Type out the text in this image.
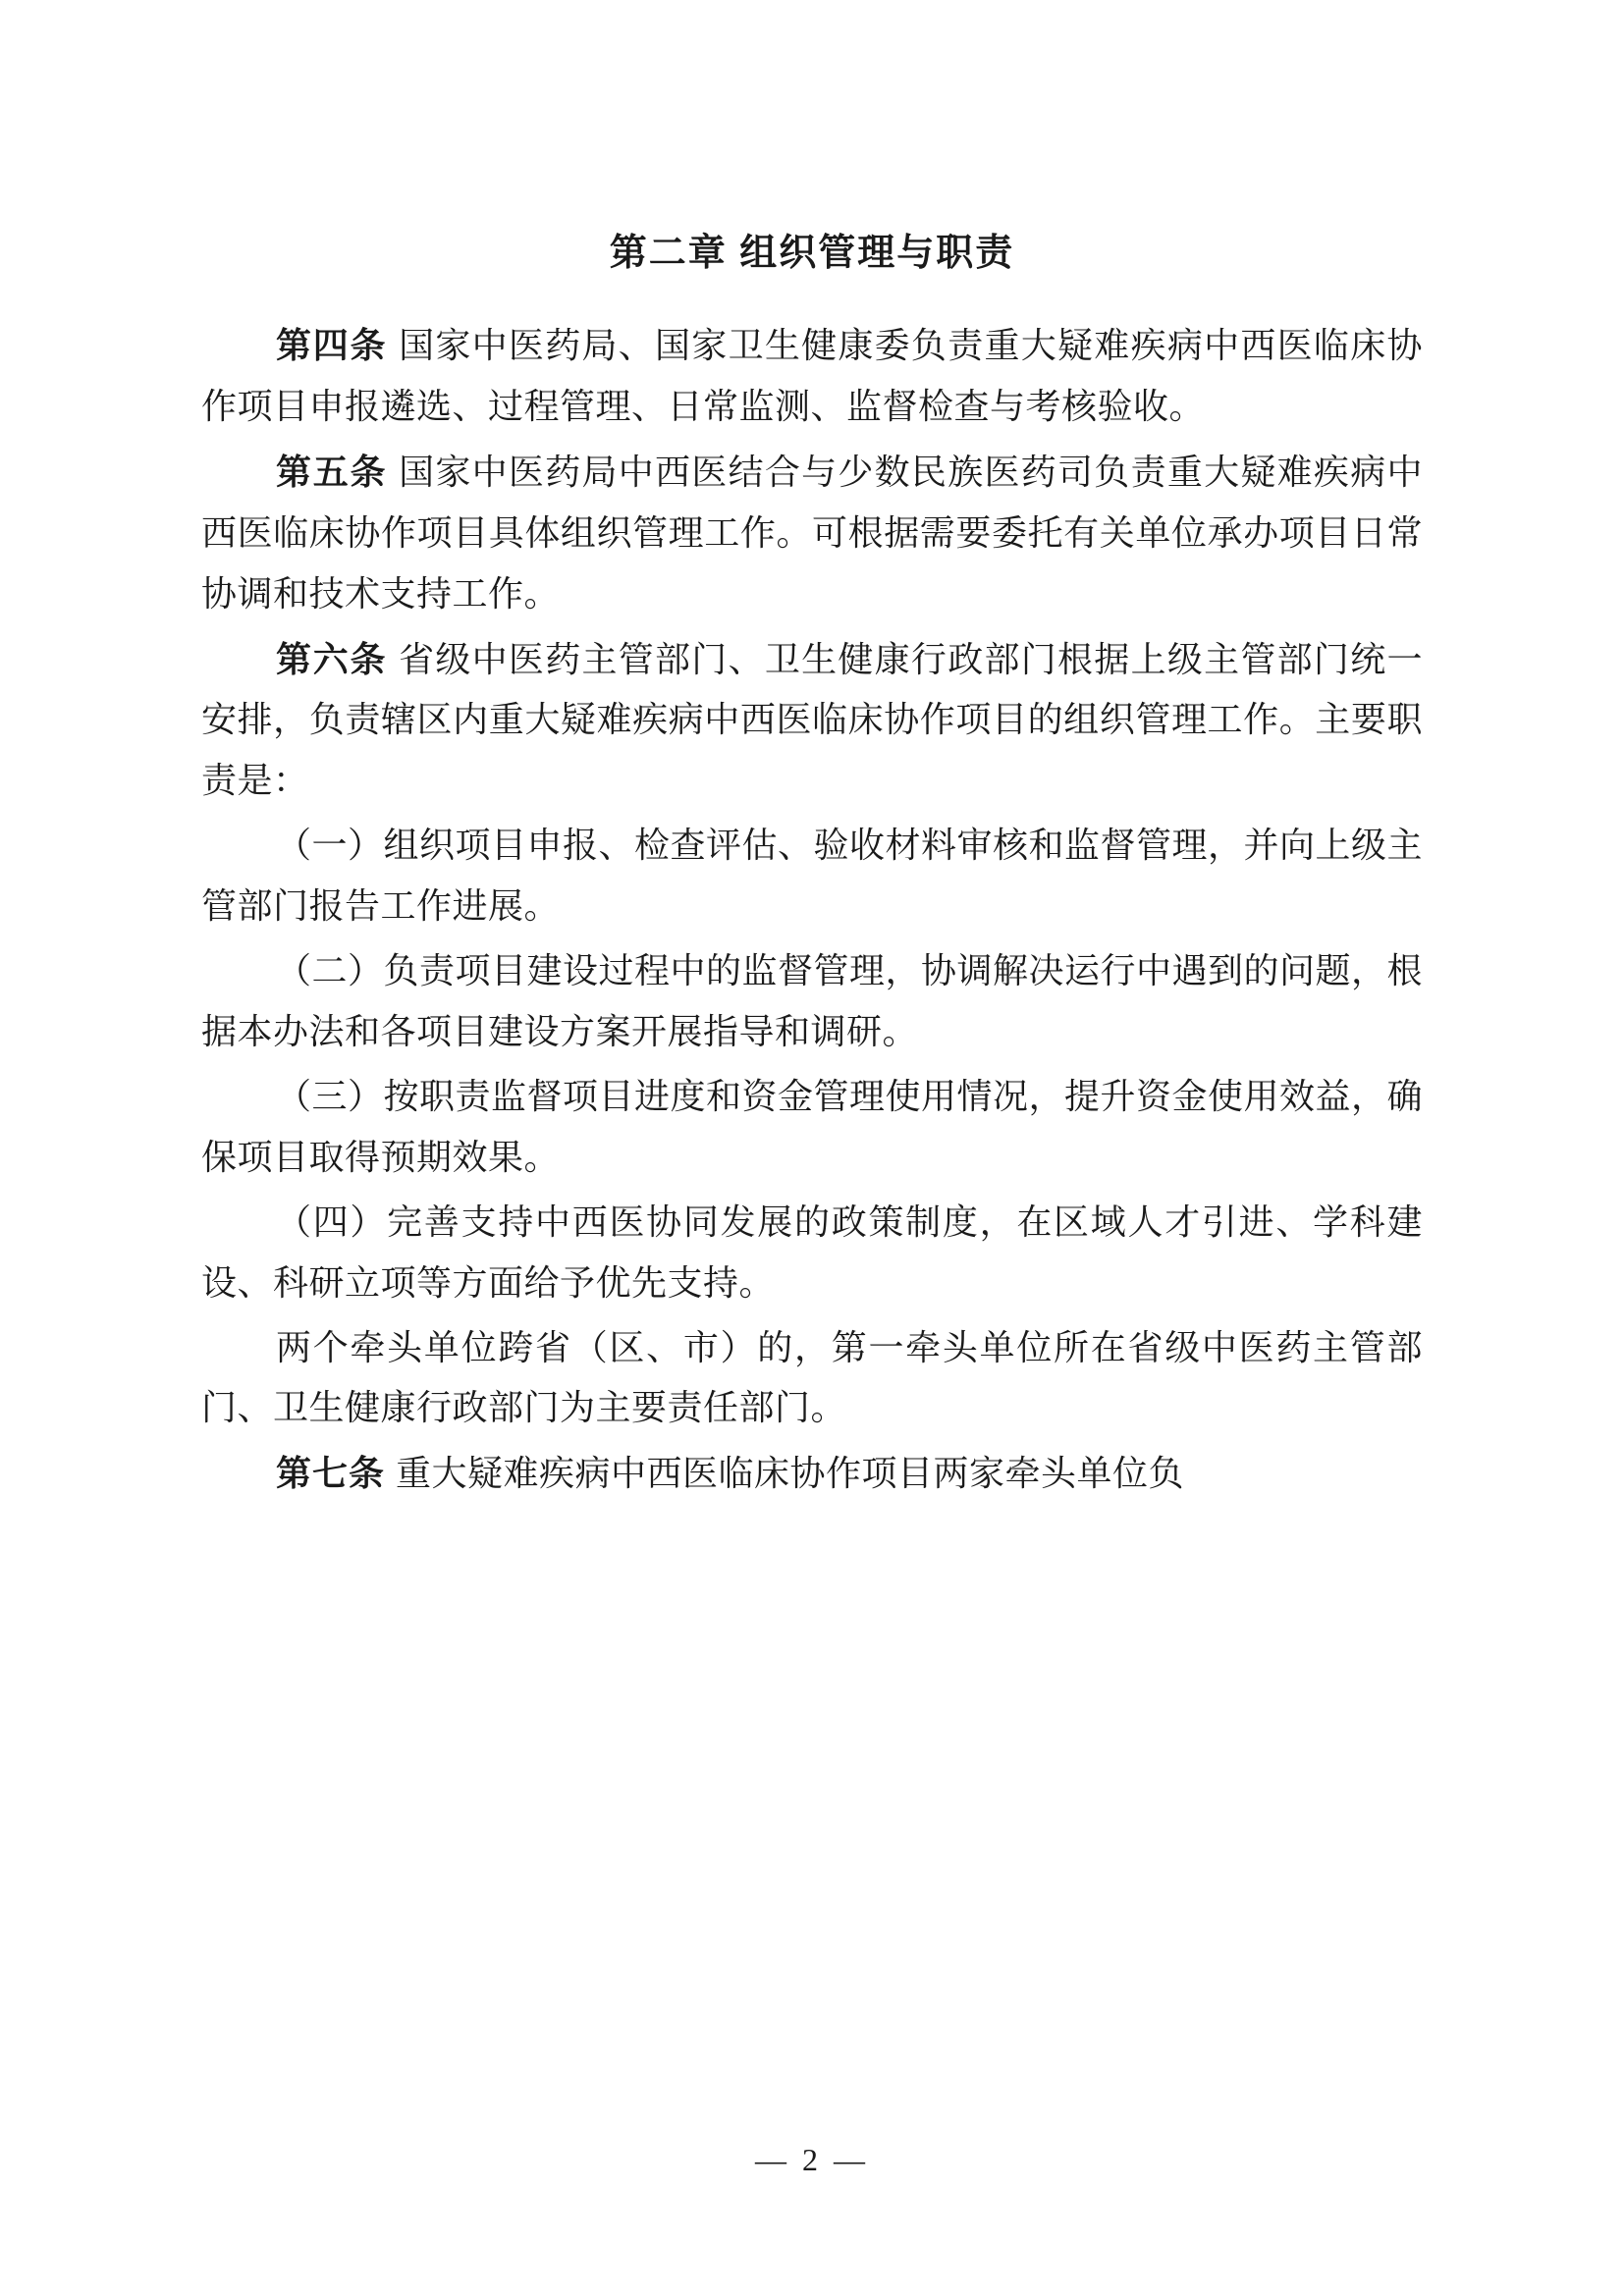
第二章 组织管理与职责

第四条 国家中医药局、国家卫生健康委负责重大疑难疾病中西医临床协作项目申报遴选、过程管理、日常监测、监督检查与考核验收。

第五条 国家中医药局中西医结合与少数民族医药司负责重大疑难疾病中西医临床协作项目具体组织管理工作。可根据需要委托有关单位承办项目日常协调和技术支持工作。

第六条 省级中医药主管部门、卫生健康行政部门根据上级主管部门统一安排，负责辖区内重大疑难疾病中西医临床协作项目的组织管理工作。主要职责是：

（一）组织项目申报、检查评估、验收材料审核和监督管理，并向上级主管部门报告工作进展。

（二）负责项目建设过程中的监督管理，协调解决运行中遇到的问题，根据本办法和各项目建设方案开展指导和调研。

（三）按职责监督项目进度和资金管理使用情况，提升资金使用效益，确保项目取得预期效果。

（四）完善支持中西医协同发展的政策制度，在区域人才引进、学科建设、科研立项等方面给予优先支持。

两个牵头单位跨省（区、市）的，第一牵头单位所在省级中医药主管部门、卫生健康行政部门为主要责任部门。

第七条 重大疑难疾病中西医临床协作项目两家牵头单位负

— 2 —
